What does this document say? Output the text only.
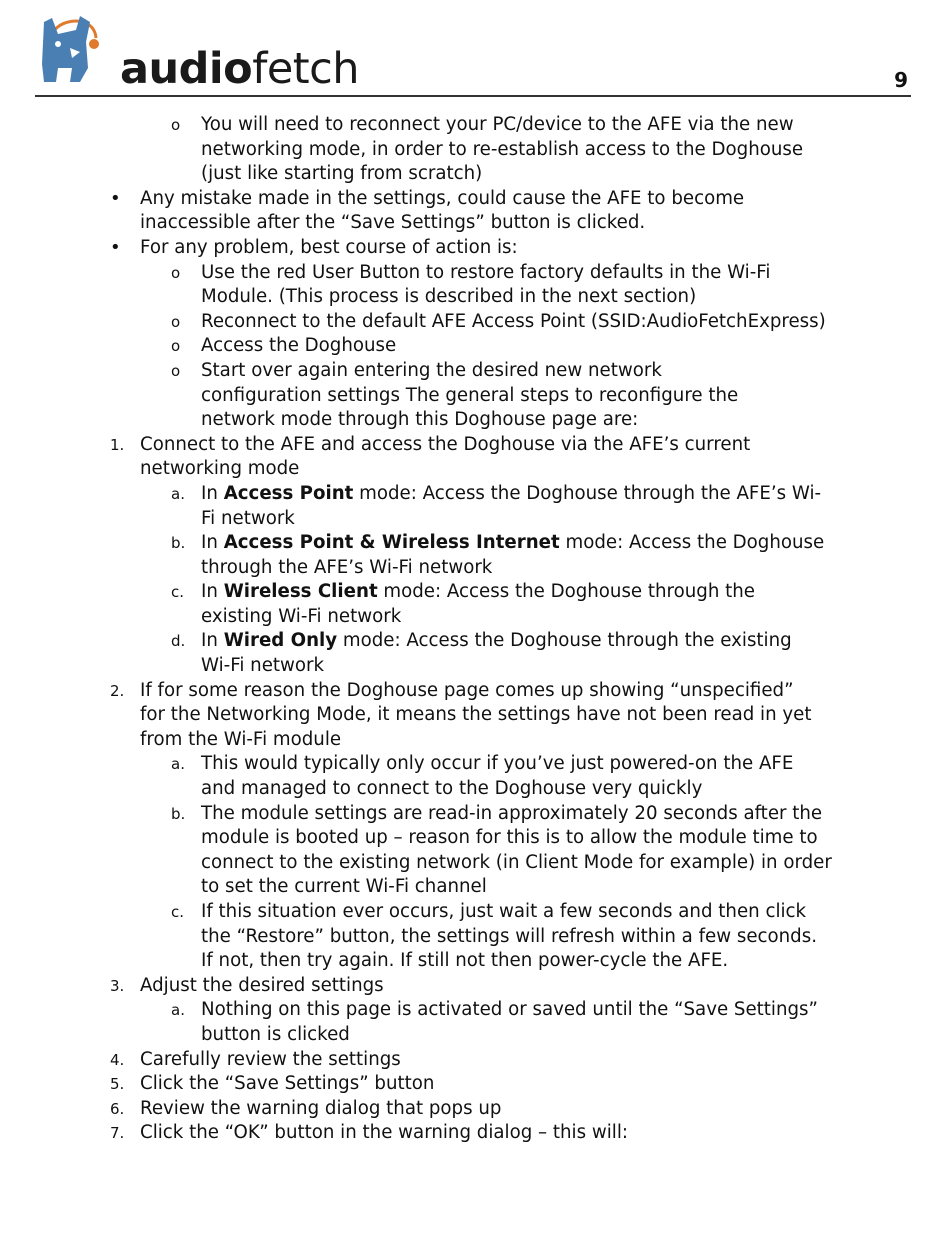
audiofetch	9
o You will need to reconnect your PC/device to the AFE via the new
networking mode, in order to re-establish access to the Doghouse
(just like starting from scratch)
• Any mistake made in the settings, could cause the AFE to become
inaccessible after the “Save Settings” button is clicked.
• For any problem, best course of action is:
o Use the red User Button to restore factory defaults in the Wi-Fi
Module. (This process is described in the next section)
o Reconnect to the default AFE Access Point (SSID:AudioFetchExpress)
o Access the Doghouse
o Start over again entering the desired new network
configuration settings The general steps to reconfigure the
network mode through this Doghouse page are:
1. Connect to the AFE and access the Doghouse via the AFE’s current
networking mode
a. In Access Point mode: Access the Doghouse through the AFE’s Wi-
Fi network
b. In Access Point & Wireless Internet mode: Access the Doghouse
through the AFE’s Wi-Fi network
c. In Wireless Client mode: Access the Doghouse through the
existing Wi-Fi network
d. In Wired Only mode: Access the Doghouse through the existing
Wi-Fi network
2. If for some reason the Doghouse page comes up showing “unspecified”
for the Networking Mode, it means the settings have not been read in yet
from the Wi-Fi module
a. This would typically only occur if you’ve just powered-on the AFE
and managed to connect to the Doghouse very quickly
b. The module settings are read-in approximately 20 seconds after the
module is booted up – reason for this is to allow the module time to
connect to the existing network (in Client Mode for example) in order
to set the current Wi-Fi channel
c. If this situation ever occurs, just wait a few seconds and then click
the “Restore” button, the settings will refresh within a few seconds.
If not, then try again. If still not then power-cycle the AFE.
3. Adjust the desired settings
a. Nothing on this page is activated or saved until the “Save Settings”
button is clicked
4. Carefully review the settings
5. Click the “Save Settings” button
6. Review the warning dialog that pops up
7. Click the “OK” button in the warning dialog – this will:
